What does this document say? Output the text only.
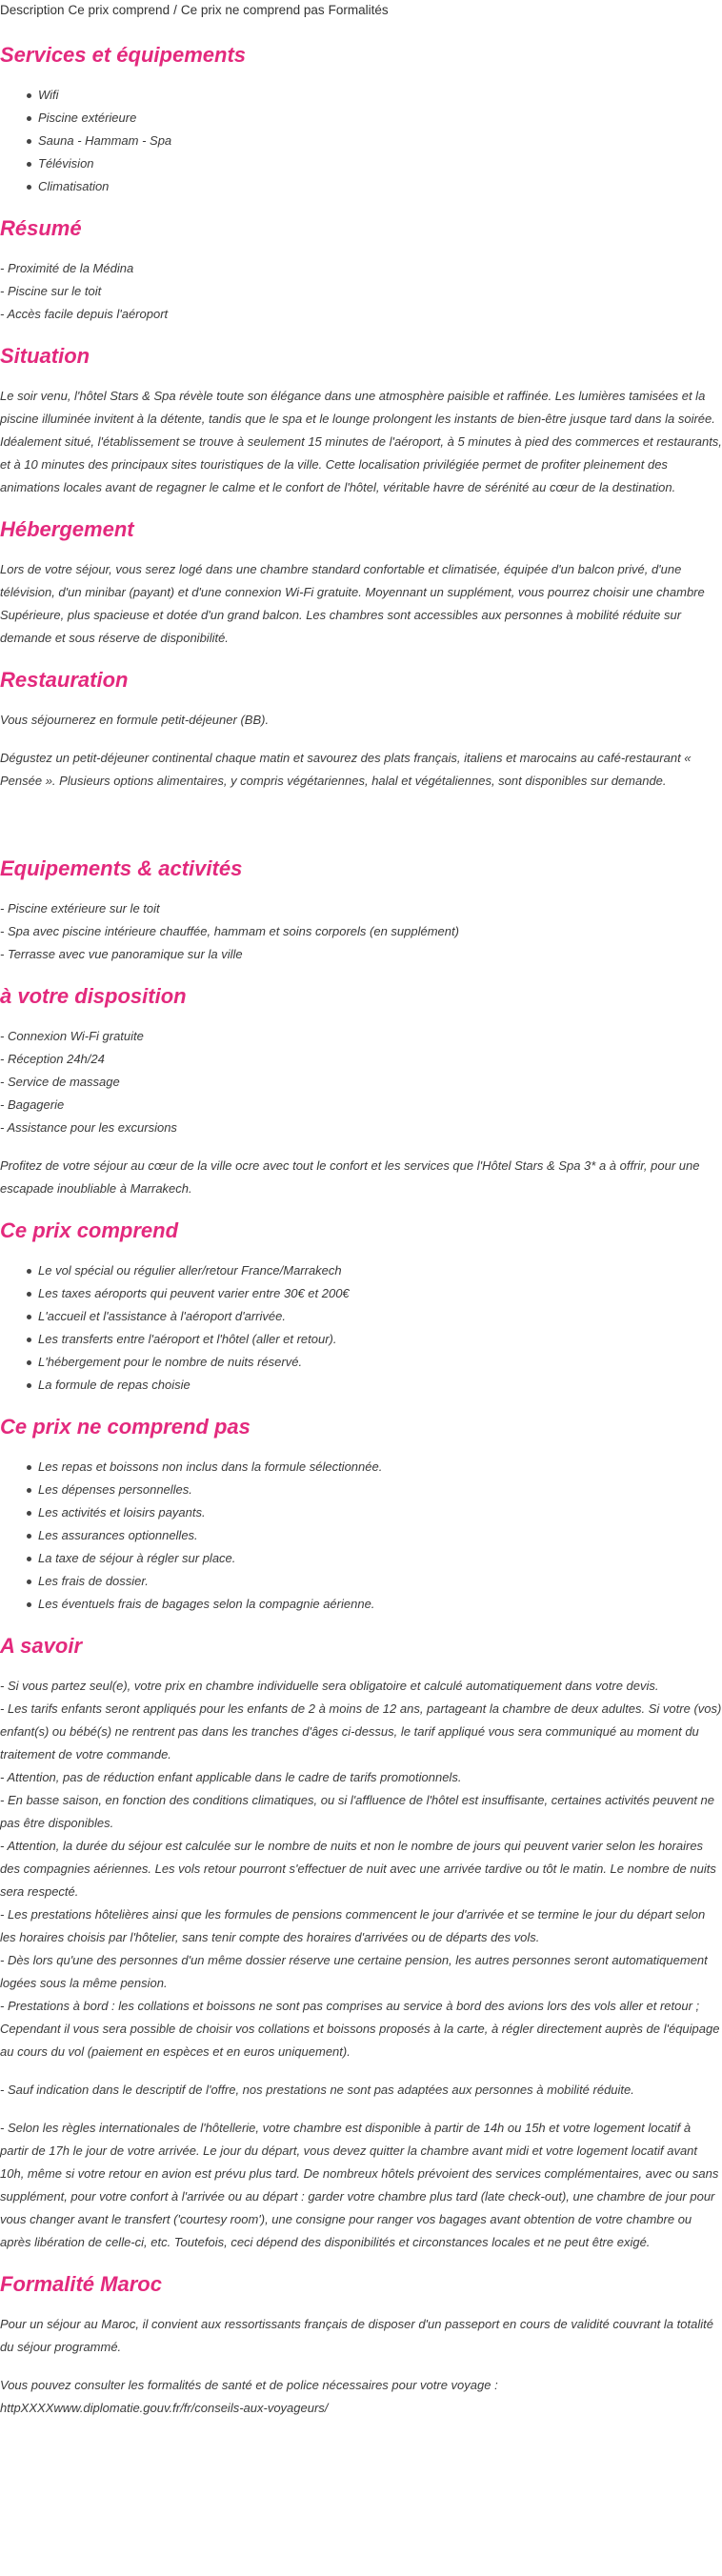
Description Ce prix comprend / Ce prix ne comprend pas Formalités
Services et équipements
Wifi
Piscine extérieure
Sauna - Hammam - Spa
Télévision
Climatisation
Résumé
- Proximité de la Médina
- Piscine sur le toit
- Accès facile depuis l'aéroport
Situation

Le soir venu, l'hôtel Stars & Spa révèle toute son élégance dans une atmosphère paisible et raffinée. Les lumières tamisées et la piscine illuminée invitent à la détente, tandis que le spa et le lounge prolongent les instants de bien-être jusque tard dans la soirée. Idéalement situé, l'établissement se trouve à seulement 15 minutes de l'aéroport, à 5 minutes à pied des commerces et restaurants, et à 10 minutes des principaux sites touristiques de la ville. Cette localisation privilégiée permet de profiter pleinement des animations locales avant de regagner le calme et le confort de l'hôtel, véritable havre de sérénité au cœur de la destination.

Hébergement

Lors de votre séjour, vous serez logé dans une chambre standard confortable et climatisée, équipée d'un balcon privé, d'une télévision, d'un minibar (payant) et d'une connexion Wi-Fi gratuite. Moyennant un supplément, vous pourrez choisir une chambre Supérieure, plus spacieuse et dotée d'un grand balcon. Les chambres sont accessibles aux personnes à mobilité réduite sur demande et sous réserve de disponibilité.

Restauration

Vous séjournerez en formule petit-déjeuner (BB).

Dégustez un petit-déjeuner continental chaque matin et savourez des plats français, italiens et marocains au café-restaurant « Pensée ». Plusieurs options alimentaires, y compris végétariennes, halal et végétaliennes, sont disponibles sur demande.

Equipements & activités
- Piscine extérieure sur le toit
- Spa avec piscine intérieure chauffée, hammam et soins corporels (en supplément)
- Terrasse avec vue panoramique sur la ville
à votre disposition
- Connexion Wi-Fi gratuite
- Réception 24h/24
- Service de massage
- Bagagerie
- Assistance pour les excursions

Profitez de votre séjour au cœur de la ville ocre avec tout le confort et les services que l'Hôtel Stars & Spa 3* a à offrir, pour une escapade inoubliable à Marrakech.

Ce prix comprend
Le vol spécial ou régulier aller/retour France/Marrakech
Les taxes aéroports qui peuvent varier entre 30€ et 200€
L'accueil et l'assistance à l'aéroport d'arrivée.
Les transferts entre l'aéroport et l'hôtel (aller et retour).
L'hébergement pour le nombre de nuits réservé.
La formule de repas choisie
Ce prix ne comprend pas
Les repas et boissons non inclus dans la formule sélectionnée.
Les dépenses personnelles.
Les activités et loisirs payants.
Les assurances optionnelles.
La taxe de séjour à régler sur place.
Les frais de dossier.
Les éventuels frais de bagages selon la compagnie aérienne.
A savoir
- Si vous partez seul(e), votre prix en chambre individuelle sera obligatoire et calculé automatiquement dans votre devis.
- Les tarifs enfants seront appliqués pour les enfants de 2 à moins de 12 ans, partageant la chambre de deux adultes. Si votre (vos) enfant(s) ou bébé(s) ne rentrent pas dans les tranches d'âges ci-dessus, le tarif appliqué vous sera communiqué au moment du traitement de votre commande.
- Attention, pas de réduction enfant applicable dans le cadre de tarifs promotionnels.
- En basse saison, en fonction des conditions climatiques, ou si l'affluence de l'hôtel est insuffisante, certaines activités peuvent ne pas être disponibles.
- Attention, la durée du séjour est calculée sur le nombre de nuits et non le nombre de jours qui peuvent varier selon les horaires des compagnies aériennes. Les vols retour pourront s'effectuer de nuit avec une arrivée tardive ou tôt le matin. Le nombre de nuits sera respecté.
- Les prestations hôtelières ainsi que les formules de pensions commencent le jour d'arrivée et se termine le jour du départ selon les horaires choisis par l'hôtelier, sans tenir compte des horaires d'arrivées ou de départs des vols.
- Dès lors qu'une des personnes d'un même dossier réserve une certaine pension, les autres personnes seront automatiquement logées sous la même pension.
- Prestations à bord : les collations et boissons ne sont pas comprises au service à bord des avions lors des vols aller et retour ; Cependant il vous sera possible de choisir vos collations et boissons proposés à la carte, à régler directement auprès de l'équipage au cours du vol (paiement en espèces et en euros uniquement).

- Sauf indication dans le descriptif de l'offre, nos prestations ne sont pas adaptées aux personnes à mobilité réduite.

- Selon les règles internationales de l'hôtellerie, votre chambre est disponible à partir de 14h ou 15h et votre logement locatif à partir de 17h le jour de votre arrivée. Le jour du départ, vous devez quitter la chambre avant midi et votre logement locatif avant 10h, même si votre retour en avion est prévu plus tard. De nombreux hôtels prévoient des services complémentaires, avec ou sans supplément, pour votre confort à l'arrivée ou au départ : garder votre chambre plus tard (late check-out), une chambre de jour pour vous changer avant le transfert ('courtesy room'), une consigne pour ranger vos bagages avant obtention de votre chambre ou après libération de celle-ci, etc. Toutefois, ceci dépend des disponibilités et circonstances locales et ne peut être exigé.

Formalité Maroc

Pour un séjour au Maroc, il convient aux ressortissants français de disposer d'un passeport en cours de validité couvrant la totalité du séjour programmé.

Vous pouvez consulter les formalités de santé et de police nécessaires pour votre voyage :

httpXXXXwww.diplomatie.gouv.fr/fr/conseils-aux-voyageurs/
